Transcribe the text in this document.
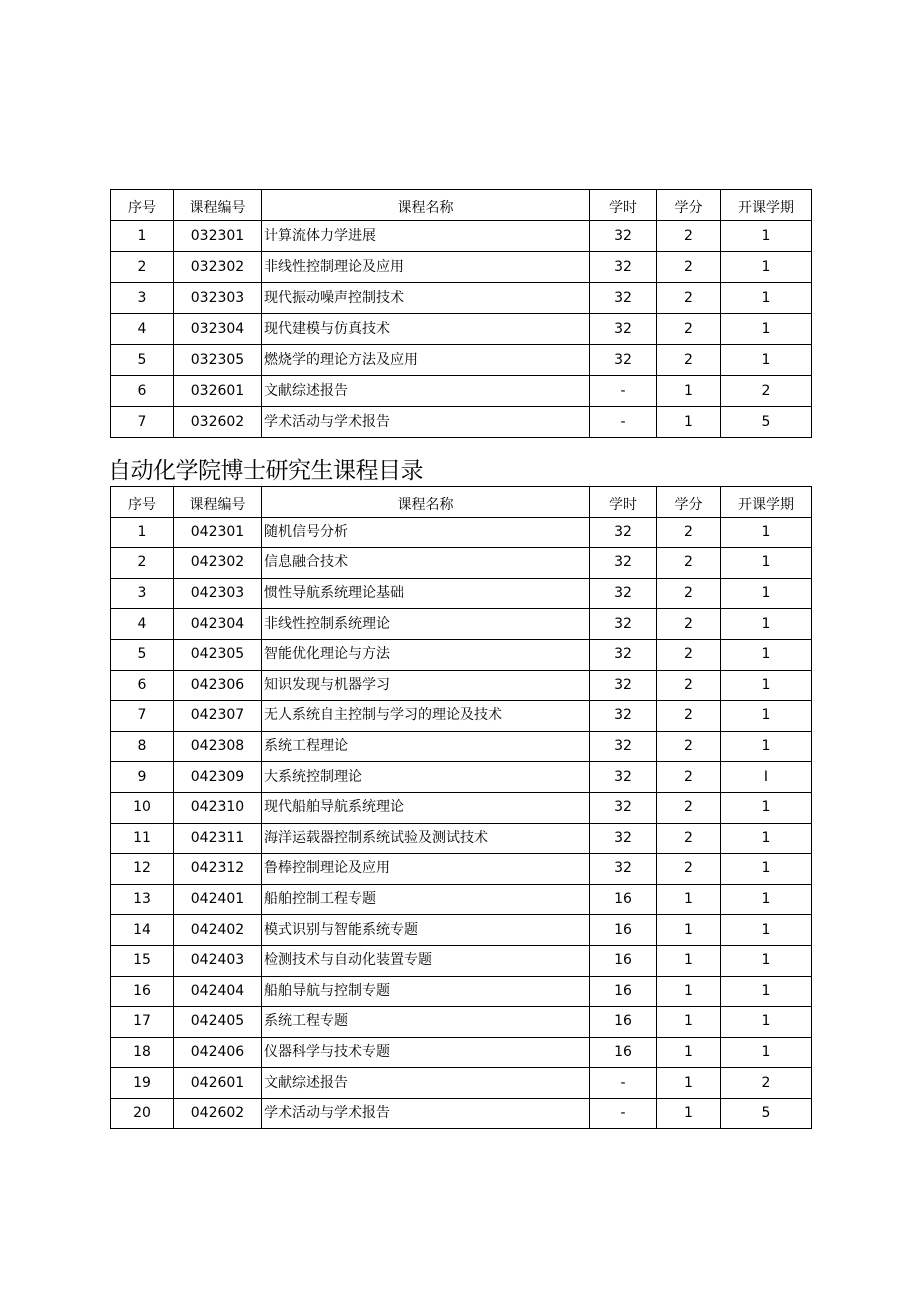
序号	课程编号	课程名称	学时	学分	开课学期
1	032301	计算流体力学进展	32	2	1
2	032302	非线性控制理论及应用	32	2	1
3	032303	现代振动噪声控制技术	32	2	1
4	032304	现代建模与仿真技术	32	2	1
5	032305	燃烧学的理论方法及应用	32	2	1
6	032601	文献综述报告	-	1	2
7	032602	学术活动与学术报告	-	1	5
自动化学院博士研究生课程目录
序号	课程编号	课程名称	学时	学分	开课学期
1	042301	随机信号分析	32	2	1
2	042302	信息融合技术	32	2	1
3	042303	惯性导航系统理论基础	32	2	1
4	042304	非线性控制系统理论	32	2	1
5	042305	智能优化理论与方法	32	2	1
6	042306	知识发现与机器学习	32	2	1
7	042307	无人系统自主控制与学习的理论及技术	32	2	1
8	042308	系统工程理论	32	2	1
9	042309	大系统控制理论	32	2	I
10	042310	现代船舶导航系统理论	32	2	1
11	042311	海洋运载器控制系统试验及测试技术	32	2	1
12	042312	鲁棒控制理论及应用	32	2	1
13	042401	船舶控制工程专题	16	1	1
14	042402	模式识别与智能系统专题	16	1	1
15	042403	检测技术与自动化装置专题	16	1	1
16	042404	船舶导航与控制专题	16	1	1
17	042405	系统工程专题	16	1	1
18	042406	仪器科学与技术专题	16	1	1
19	042601	文献综述报告	-	1	2
20	042602	学术活动与学术报告	-	1	5
